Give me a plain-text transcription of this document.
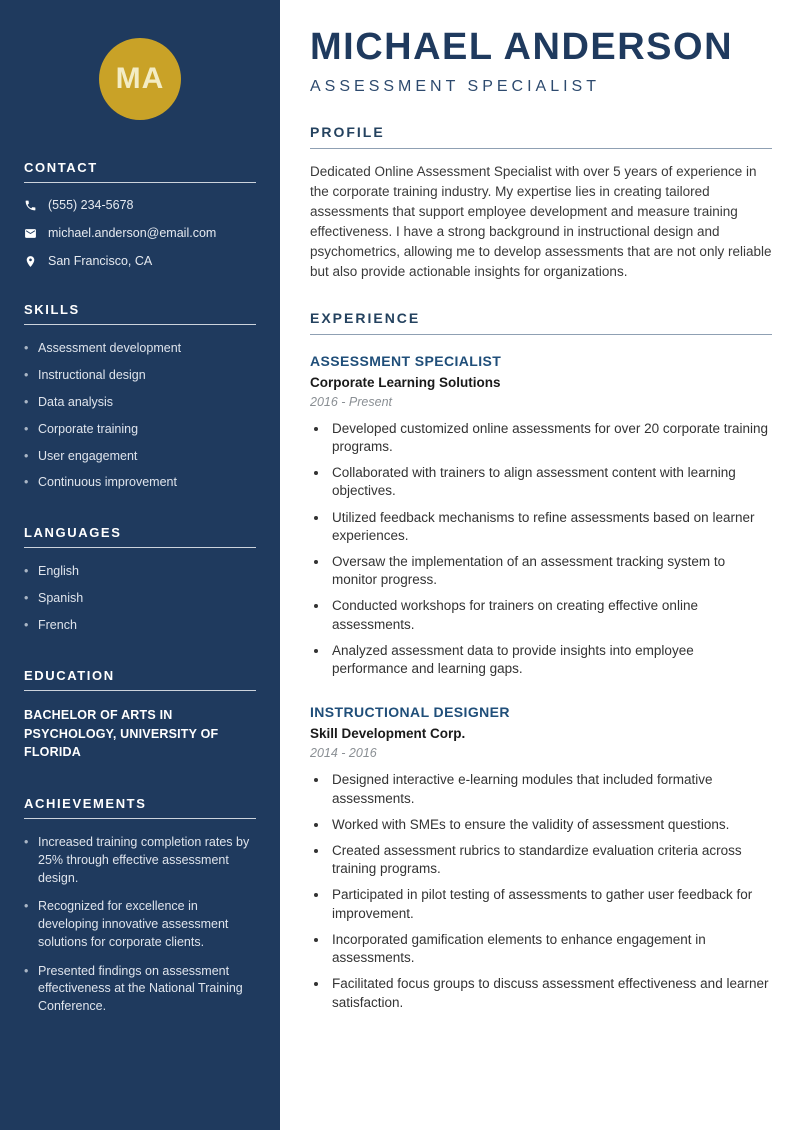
MA
CONTACT
(555) 234-5678
michael.anderson@email.com
San Francisco, CA
SKILLS
• Assessment development
• Instructional design
• Data analysis
• Corporate training
• User engagement
• Continuous improvement
LANGUAGES
• English
• Spanish
• French
EDUCATION

BACHELOR OF ARTS IN PSYCHOLOGY, UNIVERSITY OF FLORIDA

ACHIEVEMENTS
• Increased training completion rates by 25% through effective assessment design.
• Recognized for excellence in developing innovative assessment solutions for corporate clients.
• Presented findings on assessment effectiveness at the National Training Conference.
MICHAEL ANDERSON
ASSESSMENT SPECIALIST
PROFILE

Dedicated Online Assessment Specialist with over 5 years of experience in the corporate training industry. My expertise lies in creating tailored assessments that support employee development and measure training effectiveness. I have a strong background in instructional design and psychometrics, allowing me to develop assessments that are not only reliable but also provide actionable insights for organizations.

EXPERIENCE
ASSESSMENT SPECIALIST
Corporate Learning Solutions
2016 - Present
• Developed customized online assessments for over 20 corporate training programs.
• Collaborated with trainers to align assessment content with learning objectives.
• Utilized feedback mechanisms to refine assessments based on learner experiences.
• Oversaw the implementation of an assessment tracking system to monitor progress.
• Conducted workshops for trainers on creating effective online assessments.
• Analyzed assessment data to provide insights into employee performance and learning gaps.
INSTRUCTIONAL DESIGNER
Skill Development Corp.
2014 - 2016
• Designed interactive e-learning modules that included formative assessments.
• Worked with SMEs to ensure the validity of assessment questions.
• Created assessment rubrics to standardize evaluation criteria across training programs.
• Participated in pilot testing of assessments to gather user feedback for improvement.
• Incorporated gamification elements to enhance engagement in assessments.
• Facilitated focus groups to discuss assessment effectiveness and learner satisfaction.
